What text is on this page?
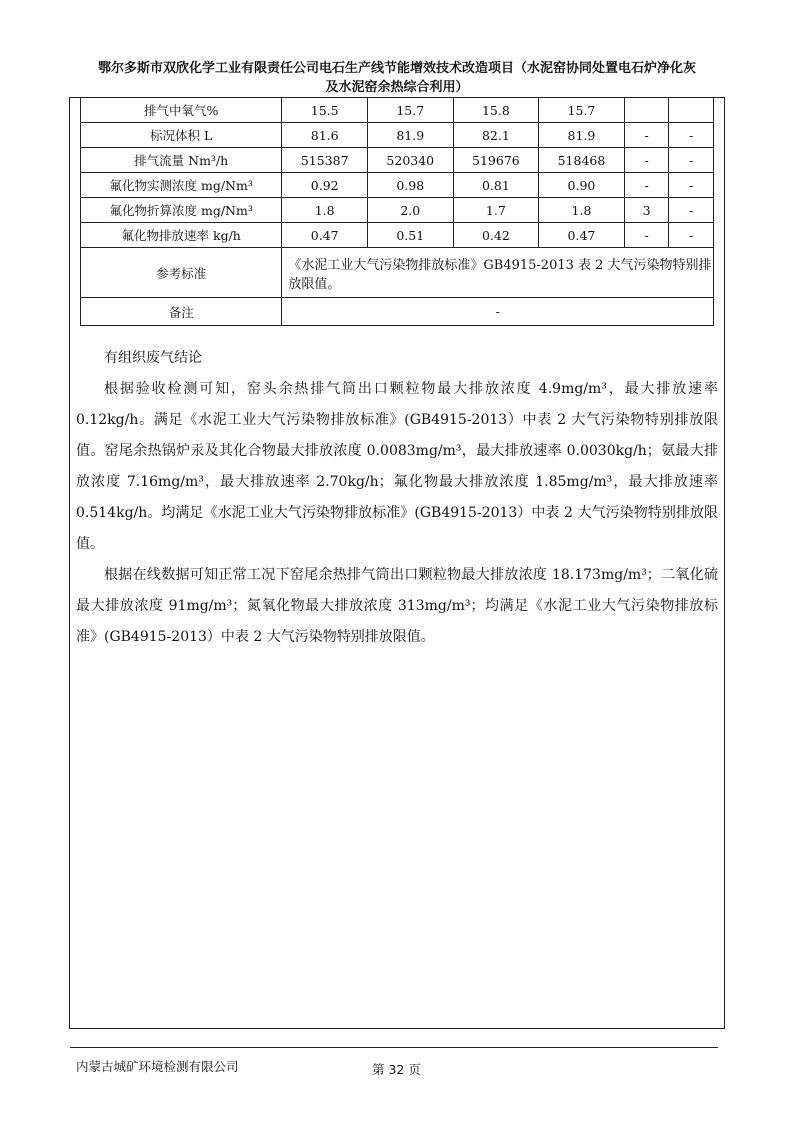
鄂尔多斯市双欣化学工业有限责任公司电石生产线节能增效技术改造项目（水泥窑协同处置电石炉净化灰
及水泥窑余热综合利用）
排气中氧气%	15.5	15.7	15.8	15.7		
标况体积 L	81.6	81.9	82.1	81.9	-	-
排气流量 Nm³/h	515387	520340	519676	518468	-	-
氟化物实测浓度 mg/Nm³	0.92	0.98	0.81	0.90	-	-
氟化物折算浓度 mg/Nm³	1.8	2.0	1.7	1.8	3	-
氟化物排放速率 kg/h	0.47	0.51	0.42	0.47	-	-
参考标准	《水泥工业大气污染物排放标准》GB4915-2013 表 2 大气污染物特别排放限值。					
备注	-					

有组织废气结论

根据验收检测可知，窑头余热排气筒出口颗粒物最大排放浓度 4.9mg/m³，最大排放速率 0.12kg/h。满足《水泥工业大气污染物排放标准》(GB4915-2013）中表 2 大气污染物特别排放限值。窑尾余热锅炉汞及其化合物最大排放浓度 0.0083mg/m³，最大排放速率 0.0030kg/h；氨最大排放浓度 7.16mg/m³，最大排放速率 2.70kg/h；氟化物最大排放浓度 1.85mg/m³，最大排放速率 0.514kg/h。均满足《水泥工业大气污染物排放标准》(GB4915-2013）中表 2 大气污染物特别排放限值。

根据在线数据可知正常工况下窑尾余热排气筒出口颗粒物最大排放浓度 18.173mg/m³；二氧化硫最大排放浓度 91mg/m³；氮氧化物最大排放浓度 313mg/m³；均满足《水泥工业大气污染物排放标准》(GB4915-2013）中表 2 大气污染物特别排放限值。

内蒙古城矿环境检测有限公司	第 32 页
